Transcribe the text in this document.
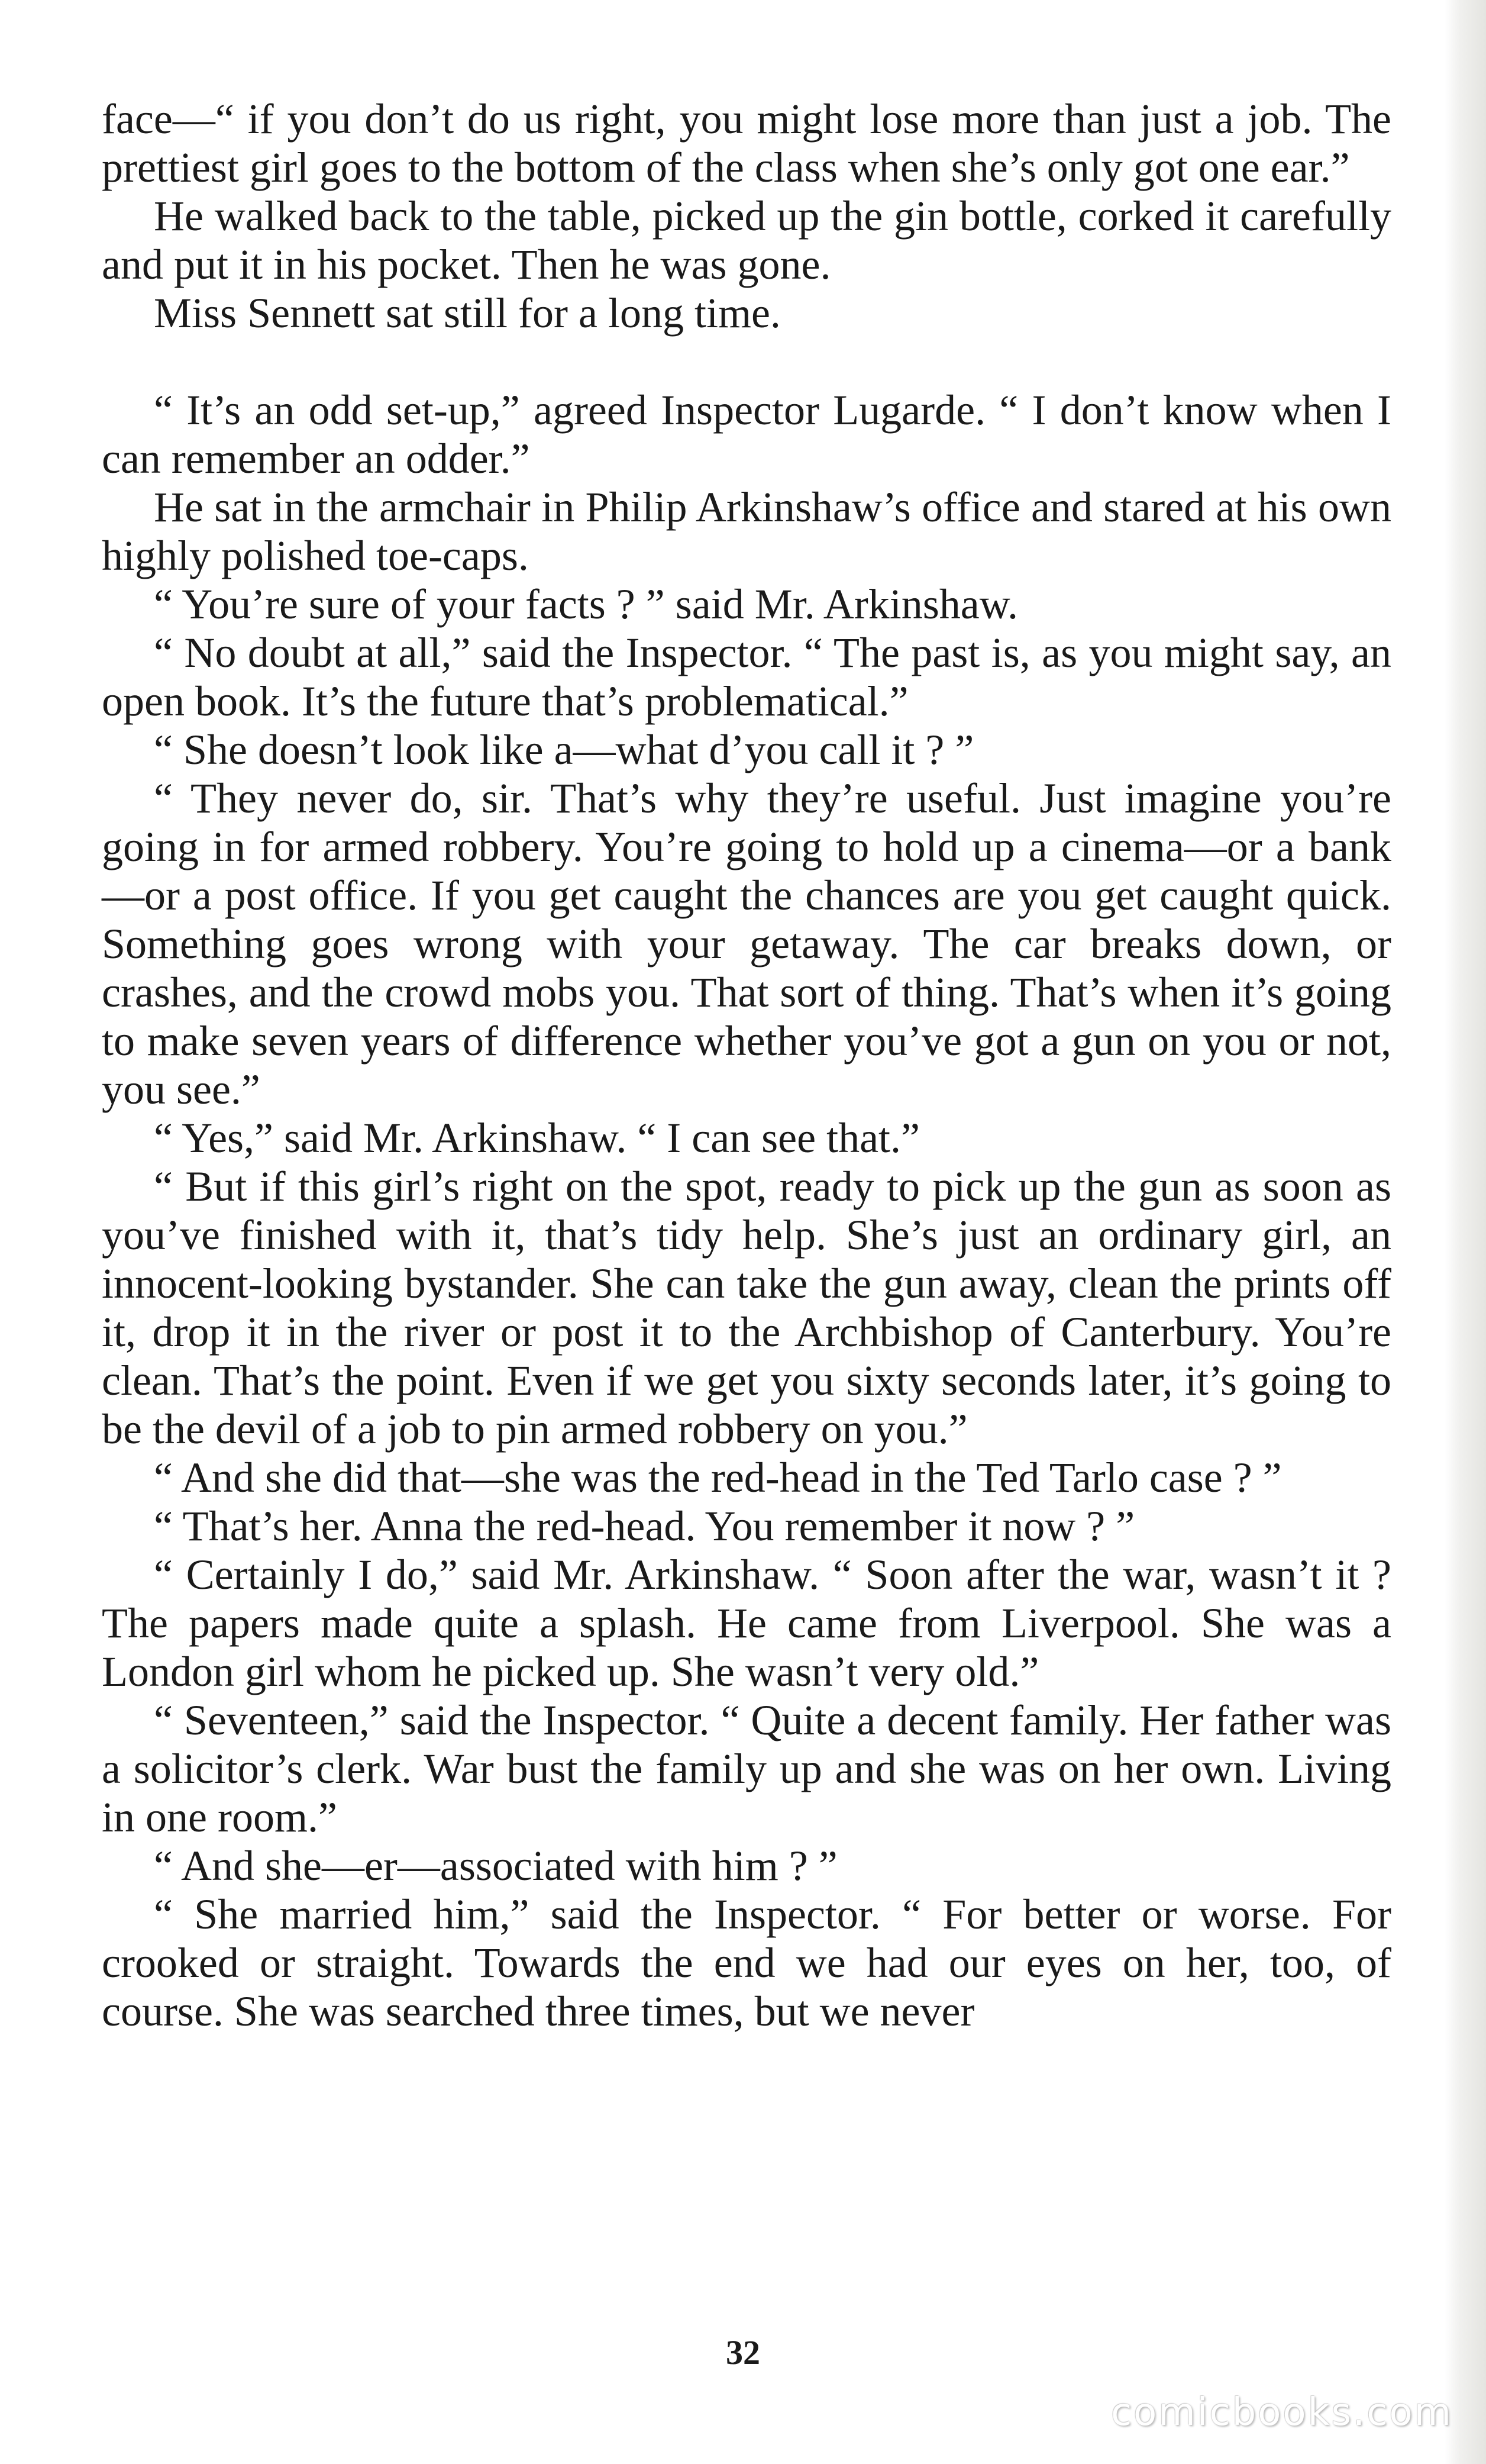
face—“ if you don’t do us right, you might lose more than just a job. The prettiest girl goes to the bottom of the class when she’s only got one ear.”

He walked back to the table, picked up the gin bottle, corked it carefully and put it in his pocket. Then he was gone.

Miss Sennett sat still for a long time.

“ It’s an odd set-up,” agreed Inspector Lugarde. “ I don’t know when I can remember an odder.”

He sat in the armchair in Philip Arkinshaw’s office and stared at his own highly polished toe-caps.

“ You’re sure of your facts ? ” said Mr. Arkinshaw.

“ No doubt at all,” said the Inspector. “ The past is, as you might say, an open book. It’s the future that’s problematical.”

“ She doesn’t look like a—what d’you call it ? ”

“ They never do, sir. That’s why they’re useful. Just imagine you’re going in for armed robbery. You’re going to hold up a cinema—or a bank—or a post office. If you get caught the chances are you get caught quick. Something goes wrong with your getaway. The car breaks down, or crashes, and the crowd mobs you. That sort of thing. That’s when it’s going to make seven years of difference whether you’ve got a gun on you or not, you see.”

“ Yes,” said Mr. Arkinshaw. “ I can see that.”

“ But if this girl’s right on the spot, ready to pick up the gun as soon as you’ve finished with it, that’s tidy help. She’s just an ordinary girl, an innocent-looking bystander. She can take the gun away, clean the prints off it, drop it in the river or post it to the Archbishop of Canterbury. You’re clean. That’s the point. Even if we get you sixty seconds later, it’s going to be the devil of a job to pin armed robbery on you.”

“ And she did that—she was the red-head in the Ted Tarlo case ? ”

“ That’s her. Anna the red-head. You remember it now ? ”

“ Certainly I do,” said Mr. Arkinshaw. “ Soon after the war, wasn’t it ? The papers made quite a splash. He came from Liverpool. She was a London girl whom he picked up. She wasn’t very old.”

“ Seventeen,” said the Inspector. “ Quite a decent family. Her father was a solicitor’s clerk. War bust the family up and she was on her own. Living in one room.”

“ And she—er—associated with him ? ”

“ She married him,” said the Inspector. “ For better or worse. For crooked or straight. Towards the end we had our eyes on her, too, of course. She was searched three times, but we never

32
comicbooks.com
